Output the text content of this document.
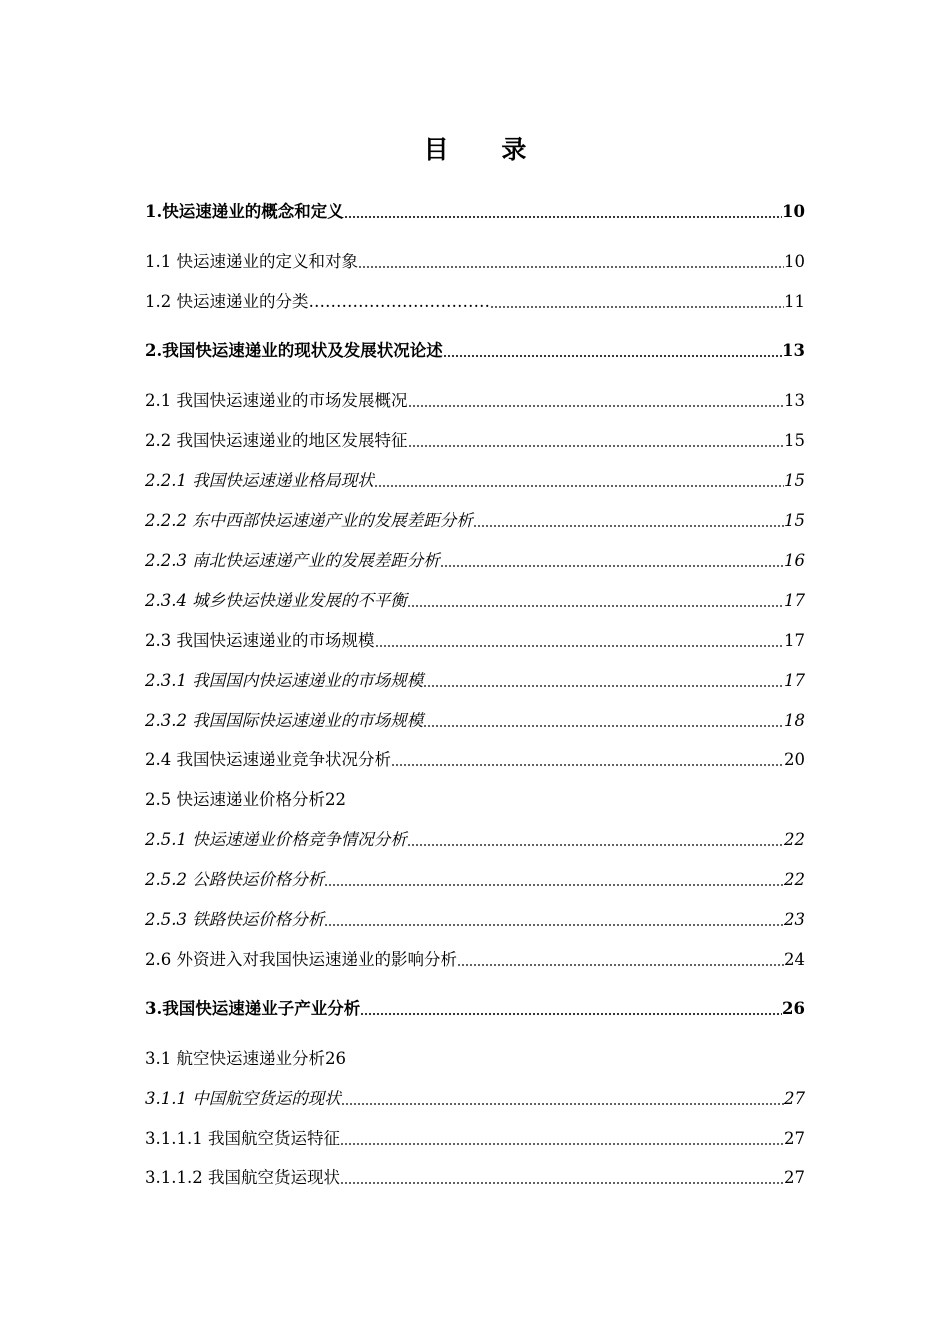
目 录
1.快运速递业的概念和定义	10
1.1 快运速递业的定义和对象	10
1.2 快运速递业的分类 ……………………………	11
2.我国快运速递业的现状及发展状况论述	13
2.1 我国快运速递业的市场发展概况	13
2.2 我国快运速递业的地区发展特征	15
2.2.1 我国快运速递业格局现状	15
2.2.2 东中西部快运速递产业的发展差距分析	15
2.2.3 南北快运速递产业的发展差距分析	16
2.3.4 城乡快运快递业发展的不平衡	17
2.3 我国快运速递业的市场规模	17
2.3.1 我国国内快运速递业的市场规模	17
2.3.2 我国国际快运速递业的市场规模	18
2.4 我国快运速递业竞争状况分析	20
2.5 快运速递业价格分析22
2.5.1 快运速递业价格竞争情况分析	22
2.5.2 公路快运价格分析	22
2.5.3 铁路快运价格分析	23
2.6 外资进入对我国快运速递业的影响分析	24
3.我国快运速递业子产业分析	26
3.1 航空快运速递业分析26
3.1.1 中国航空货运的现状	27
3.1.1.1 我国航空货运特征	27
3.1.1.2 我国航空货运现状	27
